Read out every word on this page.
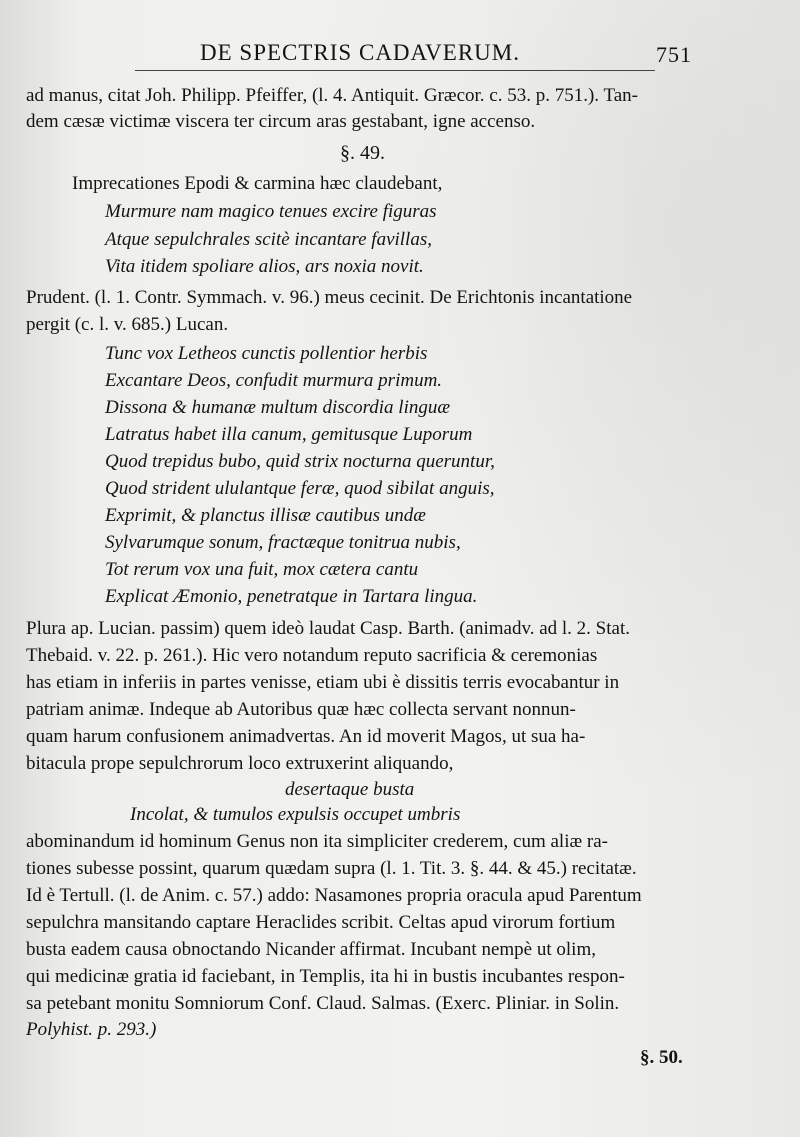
DE SPECTRIS CADAVERUM.	751
ad manus, citat Joh. Philipp. Pfeiffer, (l. 4. Antiquit. Græcor. c. 53. p. 751.). Tan-
dem cæsæ victimæ viscera ter circum aras gestabant, igne accenso.
§. 49.
Imprecationes Epodi & carmina hæc claudebant,
Murmure nam magico tenues excire figuras
Atque sepulchrales scitè incantare favillas,
Vita itidem spoliare alios, ars noxia novit.
Prudent. (l. 1. Contr. Symmach. v. 96.) meus cecinit. De Erichtonis incantatione
pergit (c. l. v. 685.) Lucan.
Tunc vox Letheos cunctis pollentior herbis
Excantare Deos, confudit murmura primum.
Dissona & humanæ multum discordia linguæ
Latratus habet illa canum, gemitusque Luporum
Quod trepidus bubo, quid strix nocturna queruntur,
Quod strident ululantque feræ, quod sibilat anguis,
Exprimit, & planctus illisæ cautibus undæ
Sylvarumque sonum, fractæque tonitrua nubis,
Tot rerum vox una fuit, mox cætera cantu
Explicat Æmonio, penetratque in Tartara lingua.
Plura ap. Lucian. passim) quem ideò laudat Casp. Barth. (animadv. ad l. 2. Stat.
Thebaid. v. 22. p. 261.). Hic vero notandum reputo sacrificia & ceremonias
has etiam in inferiis in partes venisse, etiam ubi è dissitis terris evocabantur in
patriam animæ. Indeque ab Autoribus quæ hæc collecta servant nonnun-
quam harum confusionem animadvertas. An id moverit Magos, ut sua ha-
bitacula prope sepulchrorum loco extruxerint aliquando,
desertaque busta
Incolat, & tumulos expulsis occupet umbris
abominandum id hominum Genus non ita simpliciter crederem, cum aliæ ra-
tiones subesse possint, quarum quædam supra (l. 1. Tit. 3. §. 44. & 45.) recitatæ.
Id è Tertull. (l. de Anim. c. 57.) addo: Nasamones propria oracula apud Parentum
sepulchra mansitando captare Heraclides scribit. Celtas apud virorum fortium
busta eadem causa obnoctando Nicander affirmat. Incubant nempè ut olim,
qui medicinæ gratia id faciebant, in Templis, ita hi in bustis incubantes respon-
sa petebant monitu Somniorum Conf. Claud. Salmas. (Exerc. Pliniar. in Solin.
Polyhist. p. 293.)
§. 50.
